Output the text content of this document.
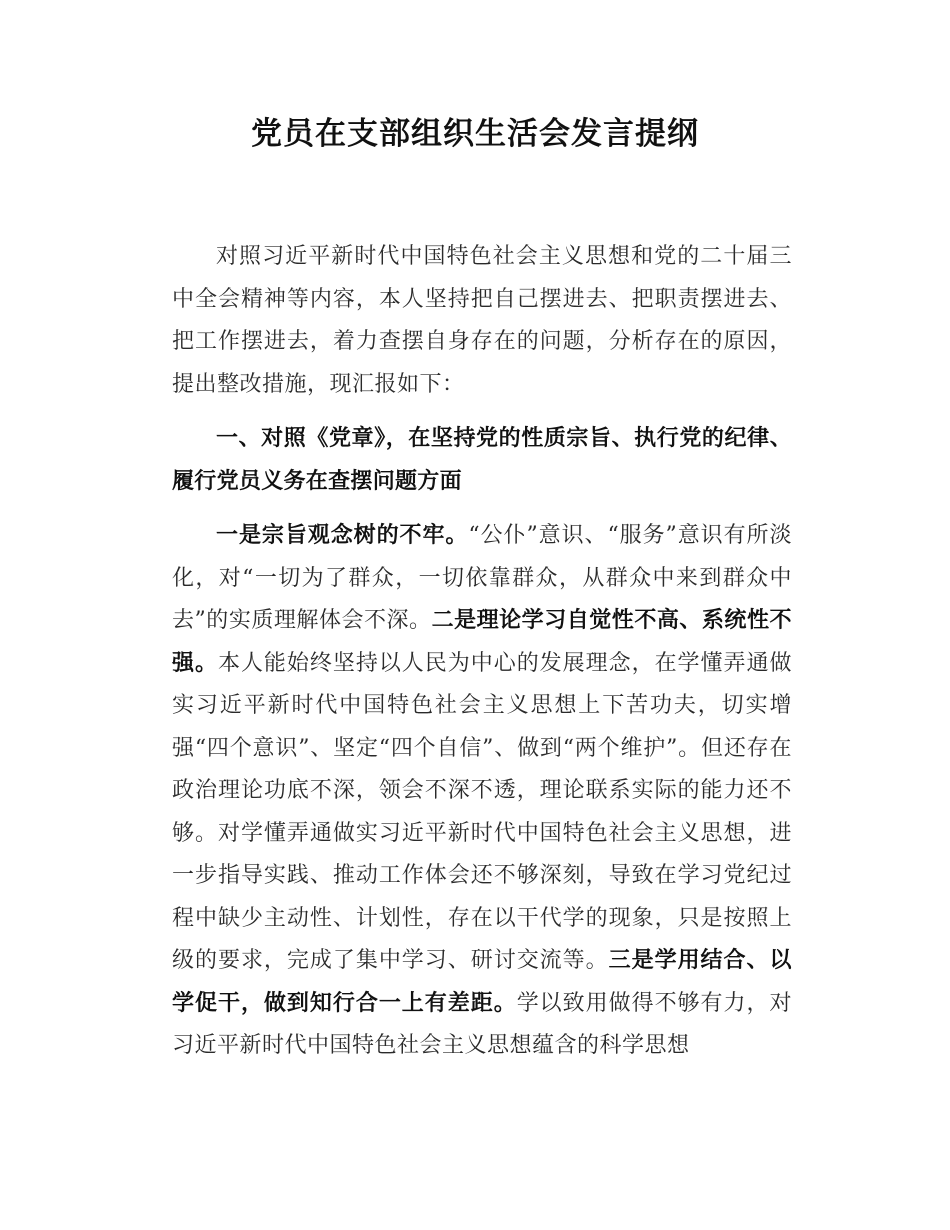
党员在支部组织生活会发言提纲

对照习近平新时代中国特色社会主义思想和党的二十届三中全会精神等内容，本人坚持把自己摆进去、把职责摆进去、把工作摆进去，着力查摆自身存在的问题，分析存在的原因，提出整改措施，现汇报如下：

一、对照《党章》，在坚持党的性质宗旨、执行党的纪律、履行党员义务在查摆问题方面

一是宗旨观念树的不牢。“公仆”意识、“服务”意识有所淡化，对“一切为了群众，一切依靠群众，从群众中来到群众中去”的实质理解体会不深。二是理论学习自觉性不高、系统性不强。本人能始终坚持以人民为中心的发展理念，在学懂弄通做实习近平新时代中国特色社会主义思想上下苦功夫，切实增强“四个意识”、坚定“四个自信”、做到“两个维护”。但还存在政治理论功底不深，领会不深不透，理论联系实际的能力还不够。对学懂弄通做实习近平新时代中国特色社会主义思想，进一步指导实践、推动工作体会还不够深刻，导致在学习党纪过程中缺少主动性、计划性，存在以干代学的现象，只是按照上级的要求，完成了集中学习、研讨交流等。三是学用结合、以学促干，做到知行合一上有差距。学以致用做得不够有力，对习近平新时代中国特色社会主义思想蕴含的科学思想
